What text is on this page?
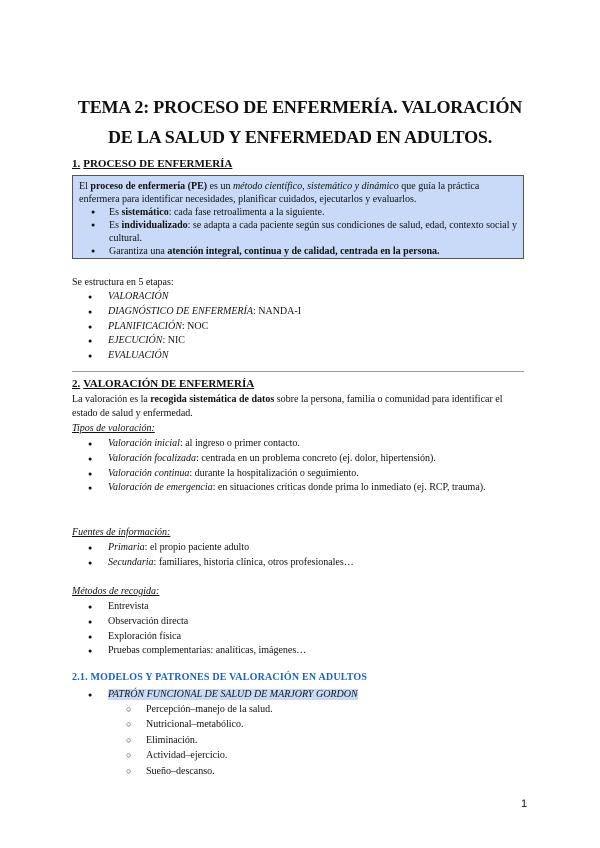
TEMA 2: PROCESO DE ENFERMERÍA. VALORACIÓN
DE LA SALUD Y ENFERMEDAD EN ADULTOS.
1. PROCESO DE ENFERMERÍA
El proceso de enfermería (PE) es un método científico, sistemático y dinámico que guía la práctica enfermera para identificar necesidades, planificar cuidados, ejecutarlos y evaluarlos.
● Es sistemático: cada fase retroalimenta a la siguiente.
● Es individualizado: se adapta a cada paciente según sus condiciones de salud, edad, contexto social y cultural.
● Garantiza una atención integral, continua y de calidad, centrada en la persona.
Se estructura en 5 etapas:
● VALORACIÓN
● DIAGNÓSTICO DE ENFERMERÍA: NANDA-I
● PLANIFICACIÓN: NOC
● EJECUCIÓN: NIC
● EVALUACIÓN
2. VALORACIÓN DE ENFERMERÍA
La valoración es la recogida sistemática de datos sobre la persona, familia o comunidad para identificar el estado de salud y enfermedad.
Tipos de valoración:
● Valoración inicial: al ingreso o primer contacto.
● Valoración focalizada: centrada en un problema concreto (ej. dolor, hipertensión).
● Valoración continua: durante la hospitalización o seguimiento.
● Valoración de emergencia: en situaciones críticas donde prima lo inmediato (ej. RCP, trauma).
Fuentes de información:
● Primaria: el propio paciente adulto
● Secundaria: familiares, historia clínica, otros profesionales…
Métodos de recogida:
● Entrevista
● Observación directa
● Exploración física
● Pruebas complementarias: analíticas, imágenes…
2.1. MODELOS Y PATRONES DE VALORACIÓN EN ADULTOS
● PATRÓN FUNCIONAL DE SALUD DE MARJORY GORDON
○ Percepción–manejo de la salud.
○ Nutricional–metabólico.
○ Eliminación.
○ Actividad–ejercicio.
○ Sueño–descanso.
1
